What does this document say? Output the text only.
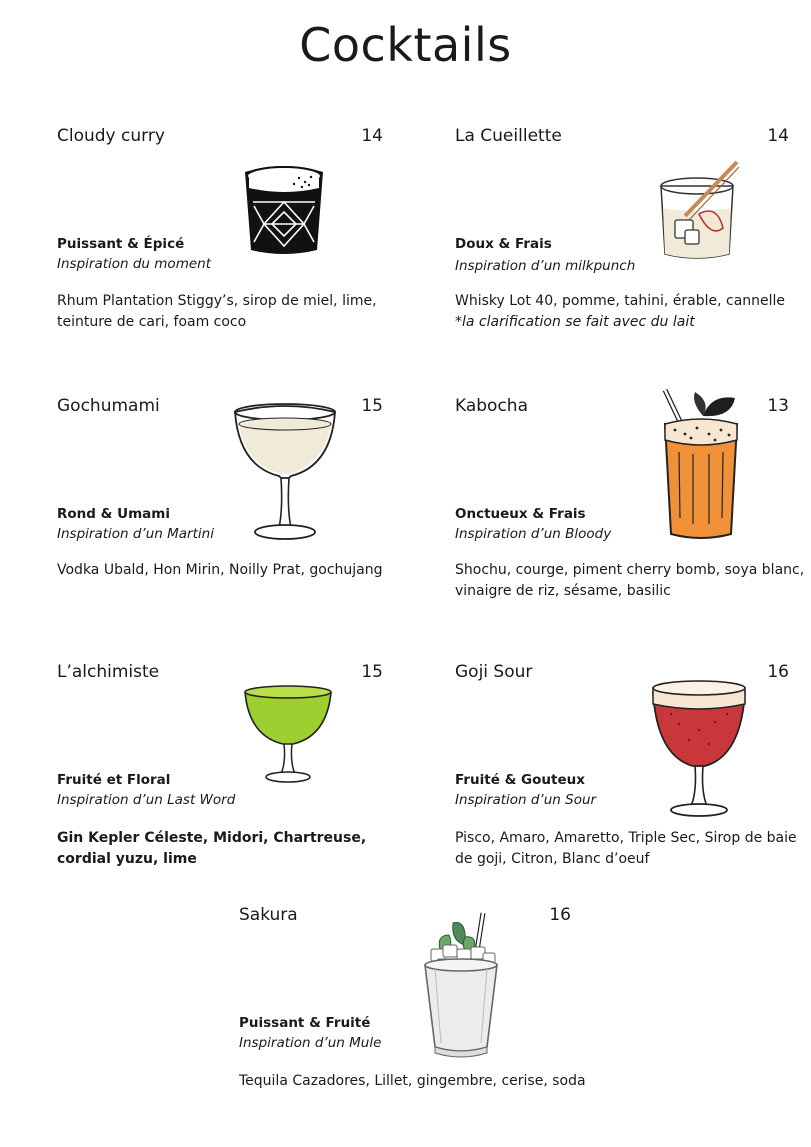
Cocktails
Cloudy curry	14
Puissant & Épicé
Inspiration du moment
Rhum Plantation Stiggy’s, sirop de miel, lime,
teinture de cari, foam coco
La Cueillette	14
Doux & Frais
Inspiration d’un milkpunch
Whisky Lot 40, pomme, tahini, érable, cannelle
*la clarification se fait avec du lait
Gochumami	15
Rond & Umami
Inspiration d’un Martini
Vodka Ubald, Hon Mirin, Noilly Prat, gochujang
Kabocha	13
Onctueux & Frais
Inspiration d’un Bloody
Shochu, courge, piment cherry bomb, soya blanc,
vinaigre de riz, sésame, basilic
L’alchimiste	15
Fruité et Floral
Inspiration d’un Last Word
Gin Kepler Céleste, Midori, Chartreuse,
cordial yuzu, lime
Goji Sour	16
Fruité & Gouteux
Inspiration d’un Sour
Pisco, Amaro, Amaretto, Triple Sec, Sirop de baie
de goji, Citron, Blanc d’oeuf
Sakura	16
Puissant & Fruité
Inspiration d’un Mule
Tequila Cazadores, Lillet, gingembre, cerise, soda
